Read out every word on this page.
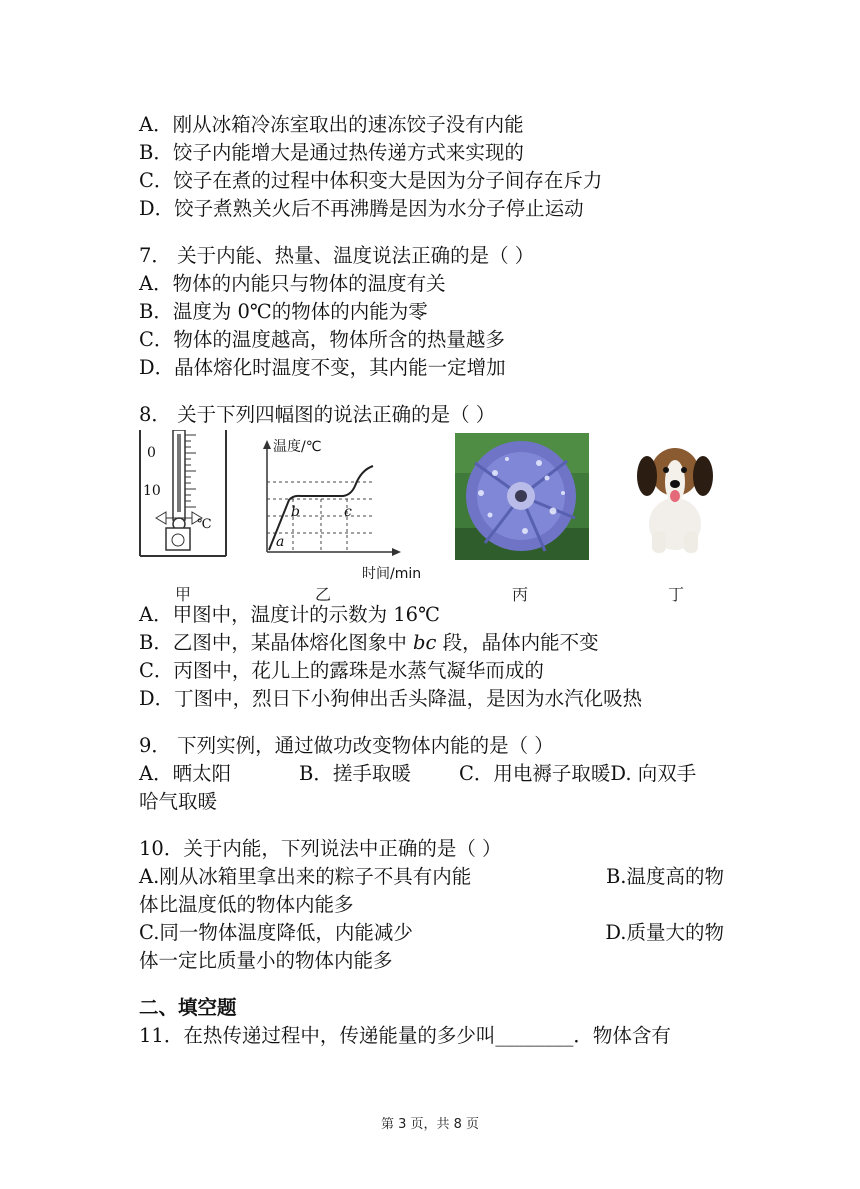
A．刚从冰箱冷冻室取出的速冻饺子没有内能
B．饺子内能增大是通过热传递方式来实现的
C．饺子在煮的过程中体积变大是因为分子间存在斥力
D．饺子煮熟关火后不再沸腾是因为水分子停止运动
7． 关于内能、热量、温度说法正确的是（ ）
A．物体的内能只与物体的温度有关
B．温度为 0℃的物体的内能为零
C．物体的温度越高，物体所含的热量越多
D．晶体熔化时温度不变，其内能一定增加
8． 关于下列四幅图的说法正确的是（ ）
0
10
℃
甲
温度/℃
时间/min
a
b	c
乙	丙	丁
A．甲图中，温度计的示数为 16℃
B．乙图中，某晶体熔化图象中 bc 段，晶体内能不变
C．丙图中，花儿上的露珠是水蒸气凝华而成的
D．丁图中，烈日下小狗伸出舌头降温，是因为水汽化吸热
9． 下列实例，通过做功改变物体内能的是（ ）
A．晒太阳	B．搓手取暖 C．用电褥子取暖D. 向双手
哈气取暖
10．关于内能，下列说法中正确的是（ ）
A.刚从冰箱里拿出来的粽子不具有内能	B.温度高的物
体比温度低的物体内能多
C.同一物体温度降低，内能减少	D.质量大的物
体一定比质量小的物体内能多
二、填空题
11．在热传递过程中，传递能量的多少叫________．物体含有
第 3 页，共 8 页
